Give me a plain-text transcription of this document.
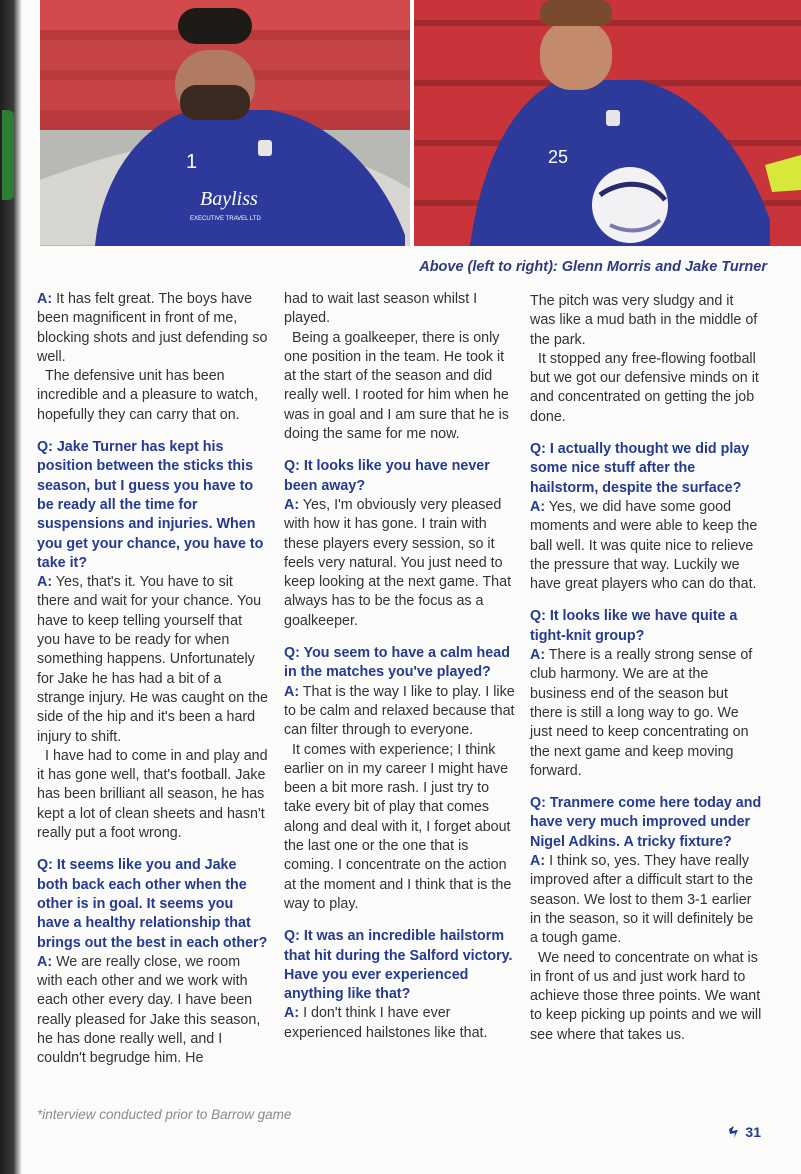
1
Bayliss
EXECUTIVE TRAVEL LTD
25

Above (left to right): Glenn Morris and Jake Turner

A: It has felt great. The boys have been magnificent in front of me, blocking shots and just defending so well.

The defensive unit has been incredible and a pleasure to watch, hopefully they can carry that on.

Q: Jake Turner has kept his position between the sticks this season, but I guess you have to be ready all the time for suspensions and injuries. When you get your chance, you have to take it?

A: Yes, that's it. You have to sit there and wait for your chance. You have to keep telling yourself that you have to be ready for when something happens. Unfortunately for Jake he has had a bit of a strange injury. He was caught on the side of the hip and it's been a hard injury to shift.

I have had to come in and play and it has gone well, that's football. Jake has been brilliant all season, he has kept a lot of clean sheets and hasn't really put a foot wrong.

Q: It seems like you and Jake both back each other when the other is in goal. It seems you have a healthy relationship that brings out the best in each other?

A: We are really close, we room with each other and we work with each other every day. I have been really pleased for Jake this season, he has done really well, and I couldn't begrudge him. He

had to wait last season whilst I played.

Being a goalkeeper, there is only one position in the team. He took it at the start of the season and did really well. I rooted for him when he was in goal and I am sure that he is doing the same for me now.

Q: It looks like you have never been away?

A: Yes, I'm obviously very pleased with how it has gone. I train with these players every session, so it feels very natural. You just need to keep looking at the next game. That always has to be the focus as a goalkeeper.

Q: You seem to have a calm head in the matches you've played?

A: That is the way I like to play. I like to be calm and relaxed because that can filter through to everyone.

It comes with experience; I think earlier on in my career I might have been a bit more rash. I just try to take every bit of play that comes along and deal with it, I forget about the last one or the one that is coming. I concentrate on the action at the moment and I think that is the way to play.

Q: It was an incredible hailstorm that hit during the Salford victory. Have you ever experienced anything like that?

A: I don't think I have ever experienced hailstones like that.

The pitch was very sludgy and it was like a mud bath in the middle of the park.

It stopped any free-flowing football but we got our defensive minds on it and concentrated on getting the job done.

Q: I actually thought we did play some nice stuff after the hailstorm, despite the surface?

A: Yes, we did have some good moments and were able to keep the ball well. It was quite nice to relieve the pressure that way. Luckily we have great players who can do that.

Q: It looks like we have quite a tight-knit group?

A: There is a really strong sense of club harmony. We are at the business end of the season but there is still a long way to go. We just need to keep concentrating on the next game and keep moving forward.

Q: Tranmere come here today and have very much improved under Nigel Adkins. A tricky fixture?

A: I think so, yes. They have really improved after a difficult start to the season. We lost to them 3-1 earlier in the season, so it will definitely be a tough game.

We need to concentrate on what is in front of us and just work hard to achieve those three points. We want to keep picking up points and we will see where that takes us.

*interview conducted prior to Barrow game

31
